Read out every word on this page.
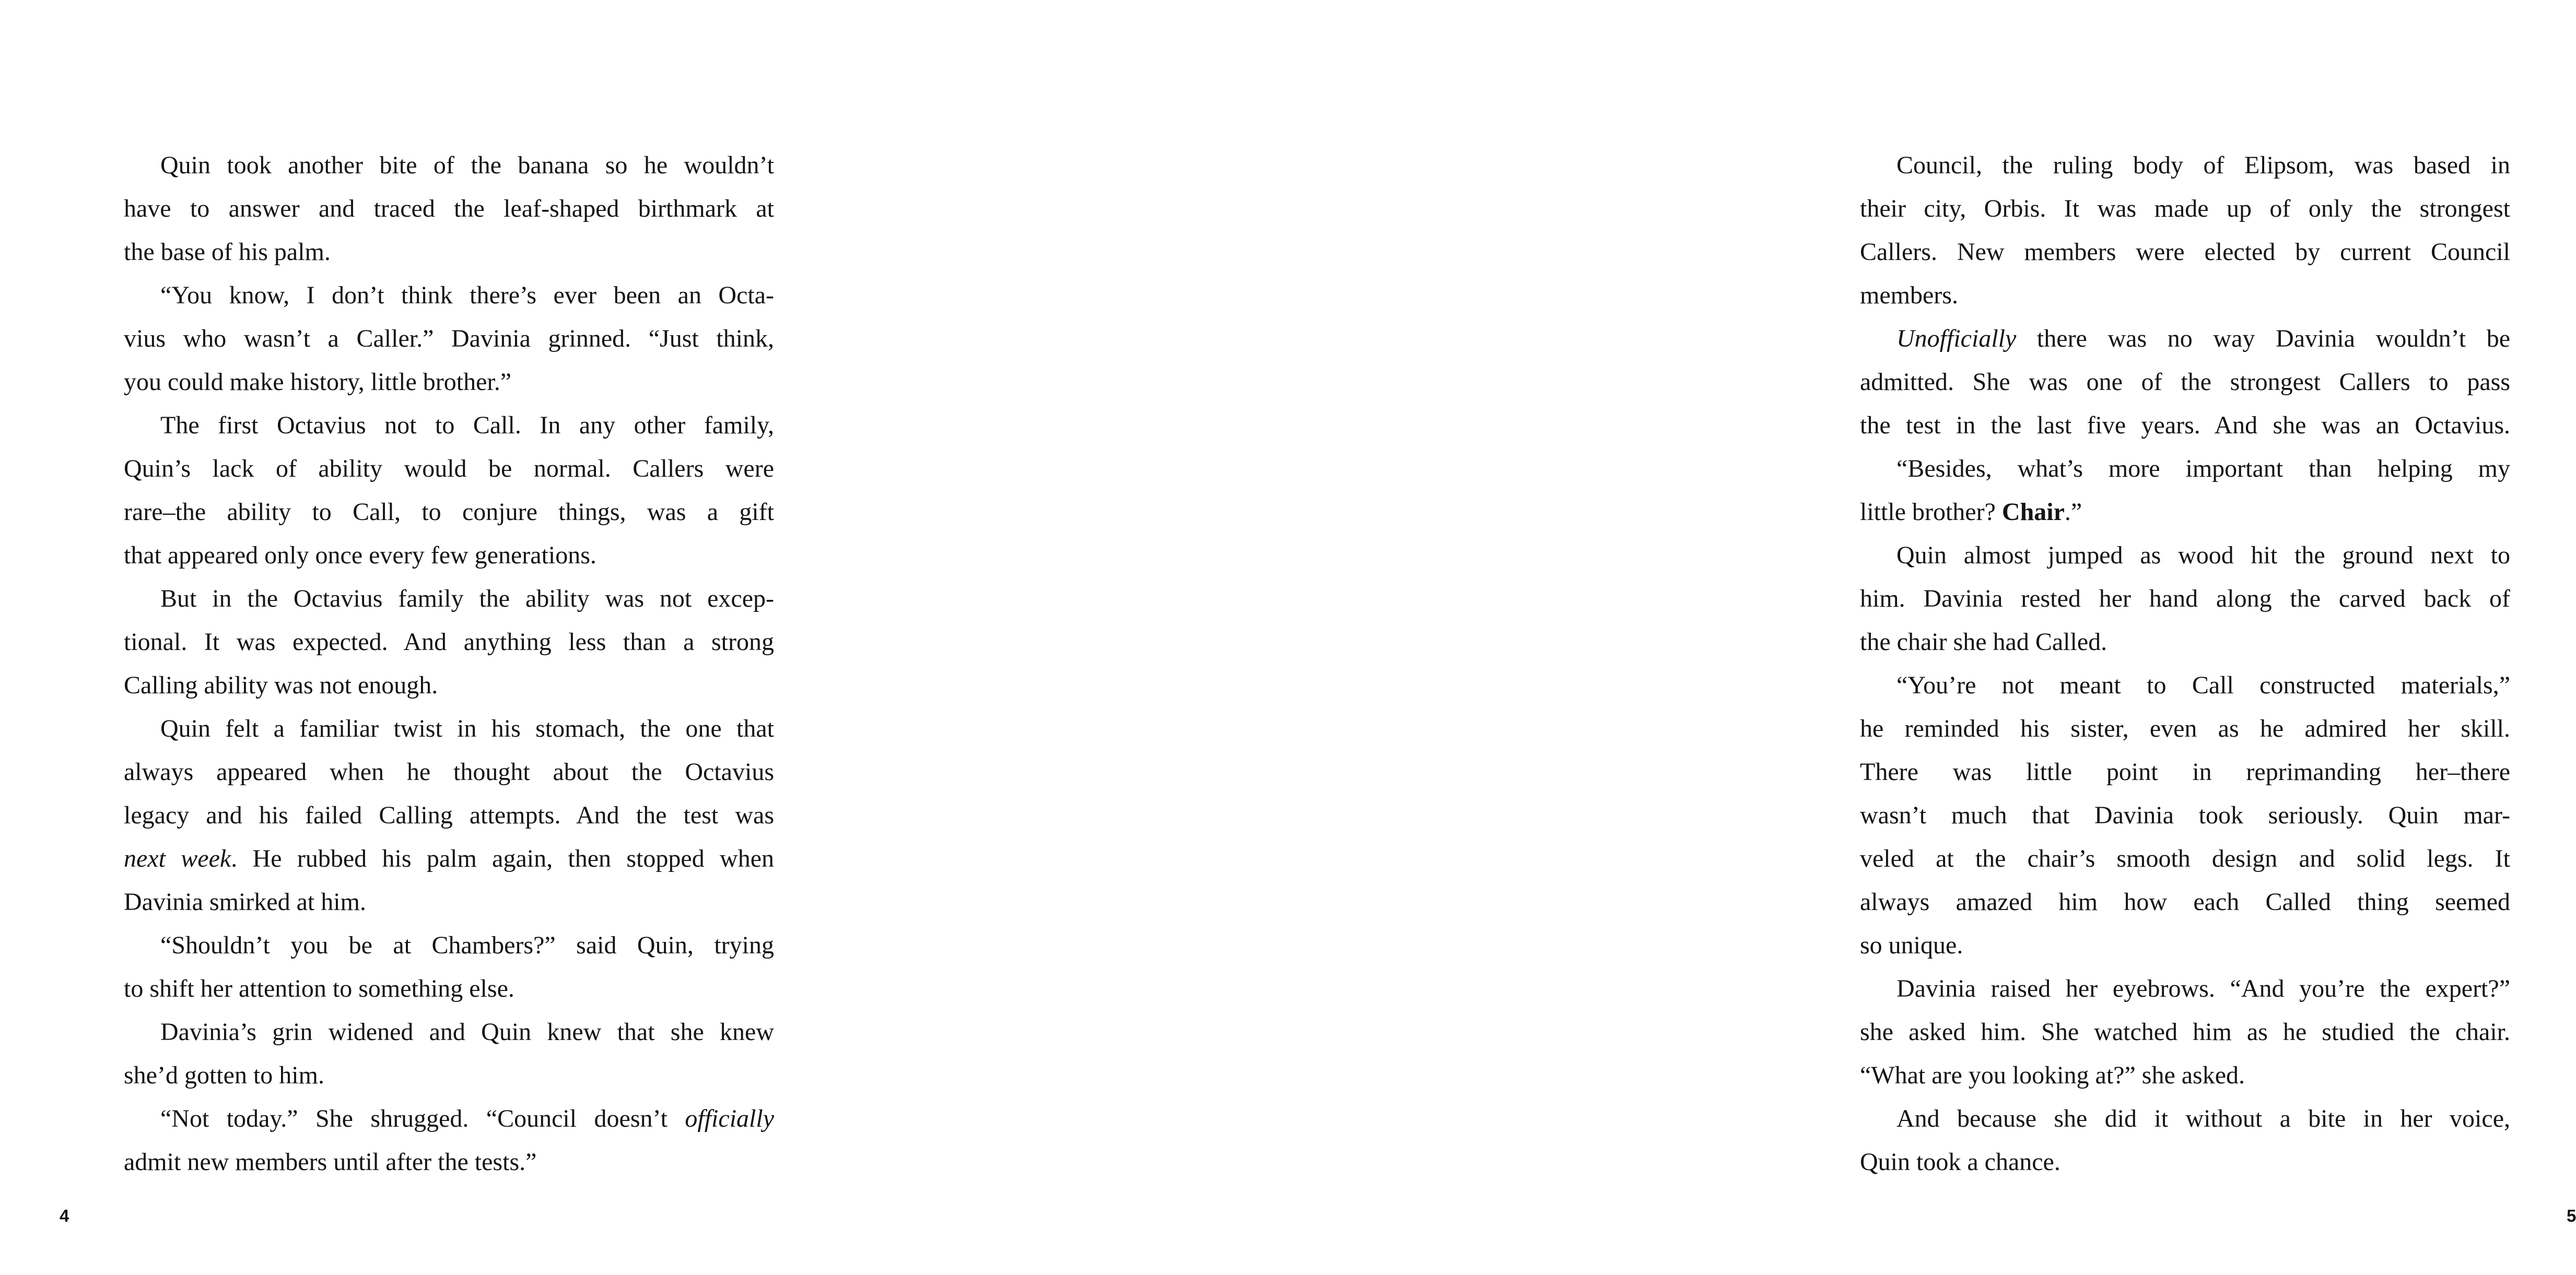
Quin took another bite of the banana so he wouldn’t
have to answer and traced the leaf-shaped birthmark at
the base of his palm.
“You know, I don’t think there’s ever been an Octa-
vius who wasn’t a Caller.” Davinia grinned. “Just think,
you could make history, little brother.”
The first Octavius not to Call. In any other family,
Quin’s lack of ability would be normal. Callers were
rare–the ability to Call, to conjure things, was a gift
that appeared only once every few generations.
But in the Octavius family the ability was not excep-
tional. It was expected. And anything less than a strong
Calling ability was not enough.
Quin felt a familiar twist in his stomach, the one that
always appeared when he thought about the Octavius
legacy and his failed Calling attempts. And the test was
next week. He rubbed his palm again, then stopped when
Davinia smirked at him.
“Shouldn’t you be at Chambers?” said Quin, trying
to shift her attention to something else.
Davinia’s grin widened and Quin knew that she knew
she’d gotten to him.
“Not today.” She shrugged. “Council doesn’t officially
admit new members until after the tests.”
4
Council, the ruling body of Elipsom, was based in
their city, Orbis. It was made up of only the strongest
Callers. New members were elected by current Council
members.
Unofficially there was no way Davinia wouldn’t be
admitted. She was one of the strongest Callers to pass
the test in the last five years. And she was an Octavius.
“Besides, what’s more important than helping my
little brother? Chair.”
Quin almost jumped as wood hit the ground next to
him. Davinia rested her hand along the carved back of
the chair she had Called.
“You’re not meant to Call constructed materials,”
he reminded his sister, even as he admired her skill.
There was little point in reprimanding her–there
wasn’t much that Davinia took seriously. Quin mar-
veled at the chair’s smooth design and solid legs. It
always amazed him how each Called thing seemed
so unique.
Davinia raised her eyebrows. “And you’re the expert?”
she asked him. She watched him as he studied the chair.
“What are you looking at?” she asked.
And because she did it without a bite in her voice,
Quin took a chance.
5
